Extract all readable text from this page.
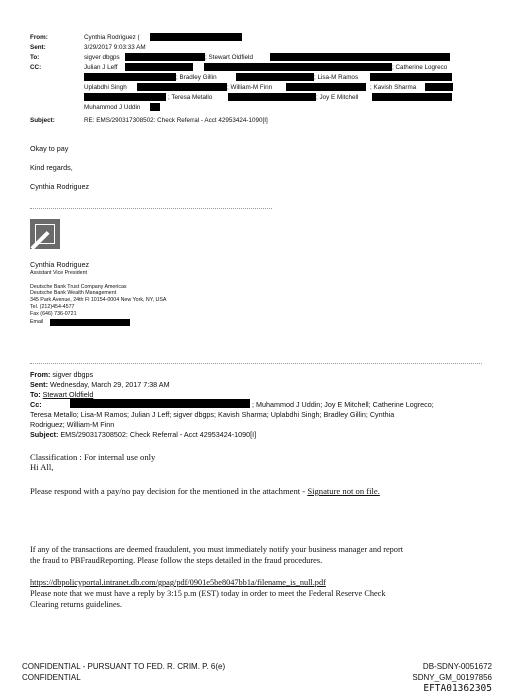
From:	Cynthia Rodriguez (
Sent:	3/29/2017 9:03:33 AM
To:	sigver dbgps	; Stewart Oldfield
CC:	Julian J Leff	; Catherine Logreco
; Bradley Gillin	; Lisa-M Ramos
Uplabdhi Singh	; William-M Finn	; Kavish Sharma
; Teresa Metallo	; Joy E Mitchell
Muhammod J Uddin
Subject:	RE: EMS/290317308502: Check Referral - Acct 42953424-1090[I]
Okay to pay
Kind regards,
Cynthia Rodriguez
Cynthia Rodriguez
Assistant Vice President
Deutsche Bank Trust Company Americas
Deutsche Bank Wealth Management
345 Park Avenue, 24th Fl 10154-0004 New York, NY, USA
Tel. (212)454-4577
Fax (646) 736-0721
Email
From: sigver dbgps
Sent: Wednesday, March 29, 2017 7:38 AM
To: Stewart Oldfield
Cc:	; Muhammod J Uddin; Joy E Mitchell; Catherine Logreco;
Teresa Metallo; Lisa-M Ramos; Julian J Leff; sigver dbgps; Kavish Sharma; Uplabdhi Singh; Bradley Gillin; Cynthia
Rodriguez; William-M Finn
Subject: EMS/290317308502: Check Referral - Acct 42953424-1090[I]
Classification : For internal use only
Hi All,
Please respond with a pay/no pay decision for the mentioned in the attachment - Signature not on file.
If any of the transactions are deemed fraudulent, you must immediately notify your business manager and report
the fraud to PBFraudReporting. Please follow the steps detailed in the fraud procedures.
https://dbpolicyportal.intranet.db.com/gpag/pdf/0901e5be8047bb1a/filename_is_null.pdf
Please note that we must have a reply by 3:15 p.m (EST) today in order to meet the Federal Reserve Check
Clearing returns guidelines.
CONFIDENTIAL - PURSUANT TO FED. R. CRIM. P. 6(e)
CONFIDENTIAL
DB-SDNY-0051672
SDNY_GM_00197856
EFTA01362305
